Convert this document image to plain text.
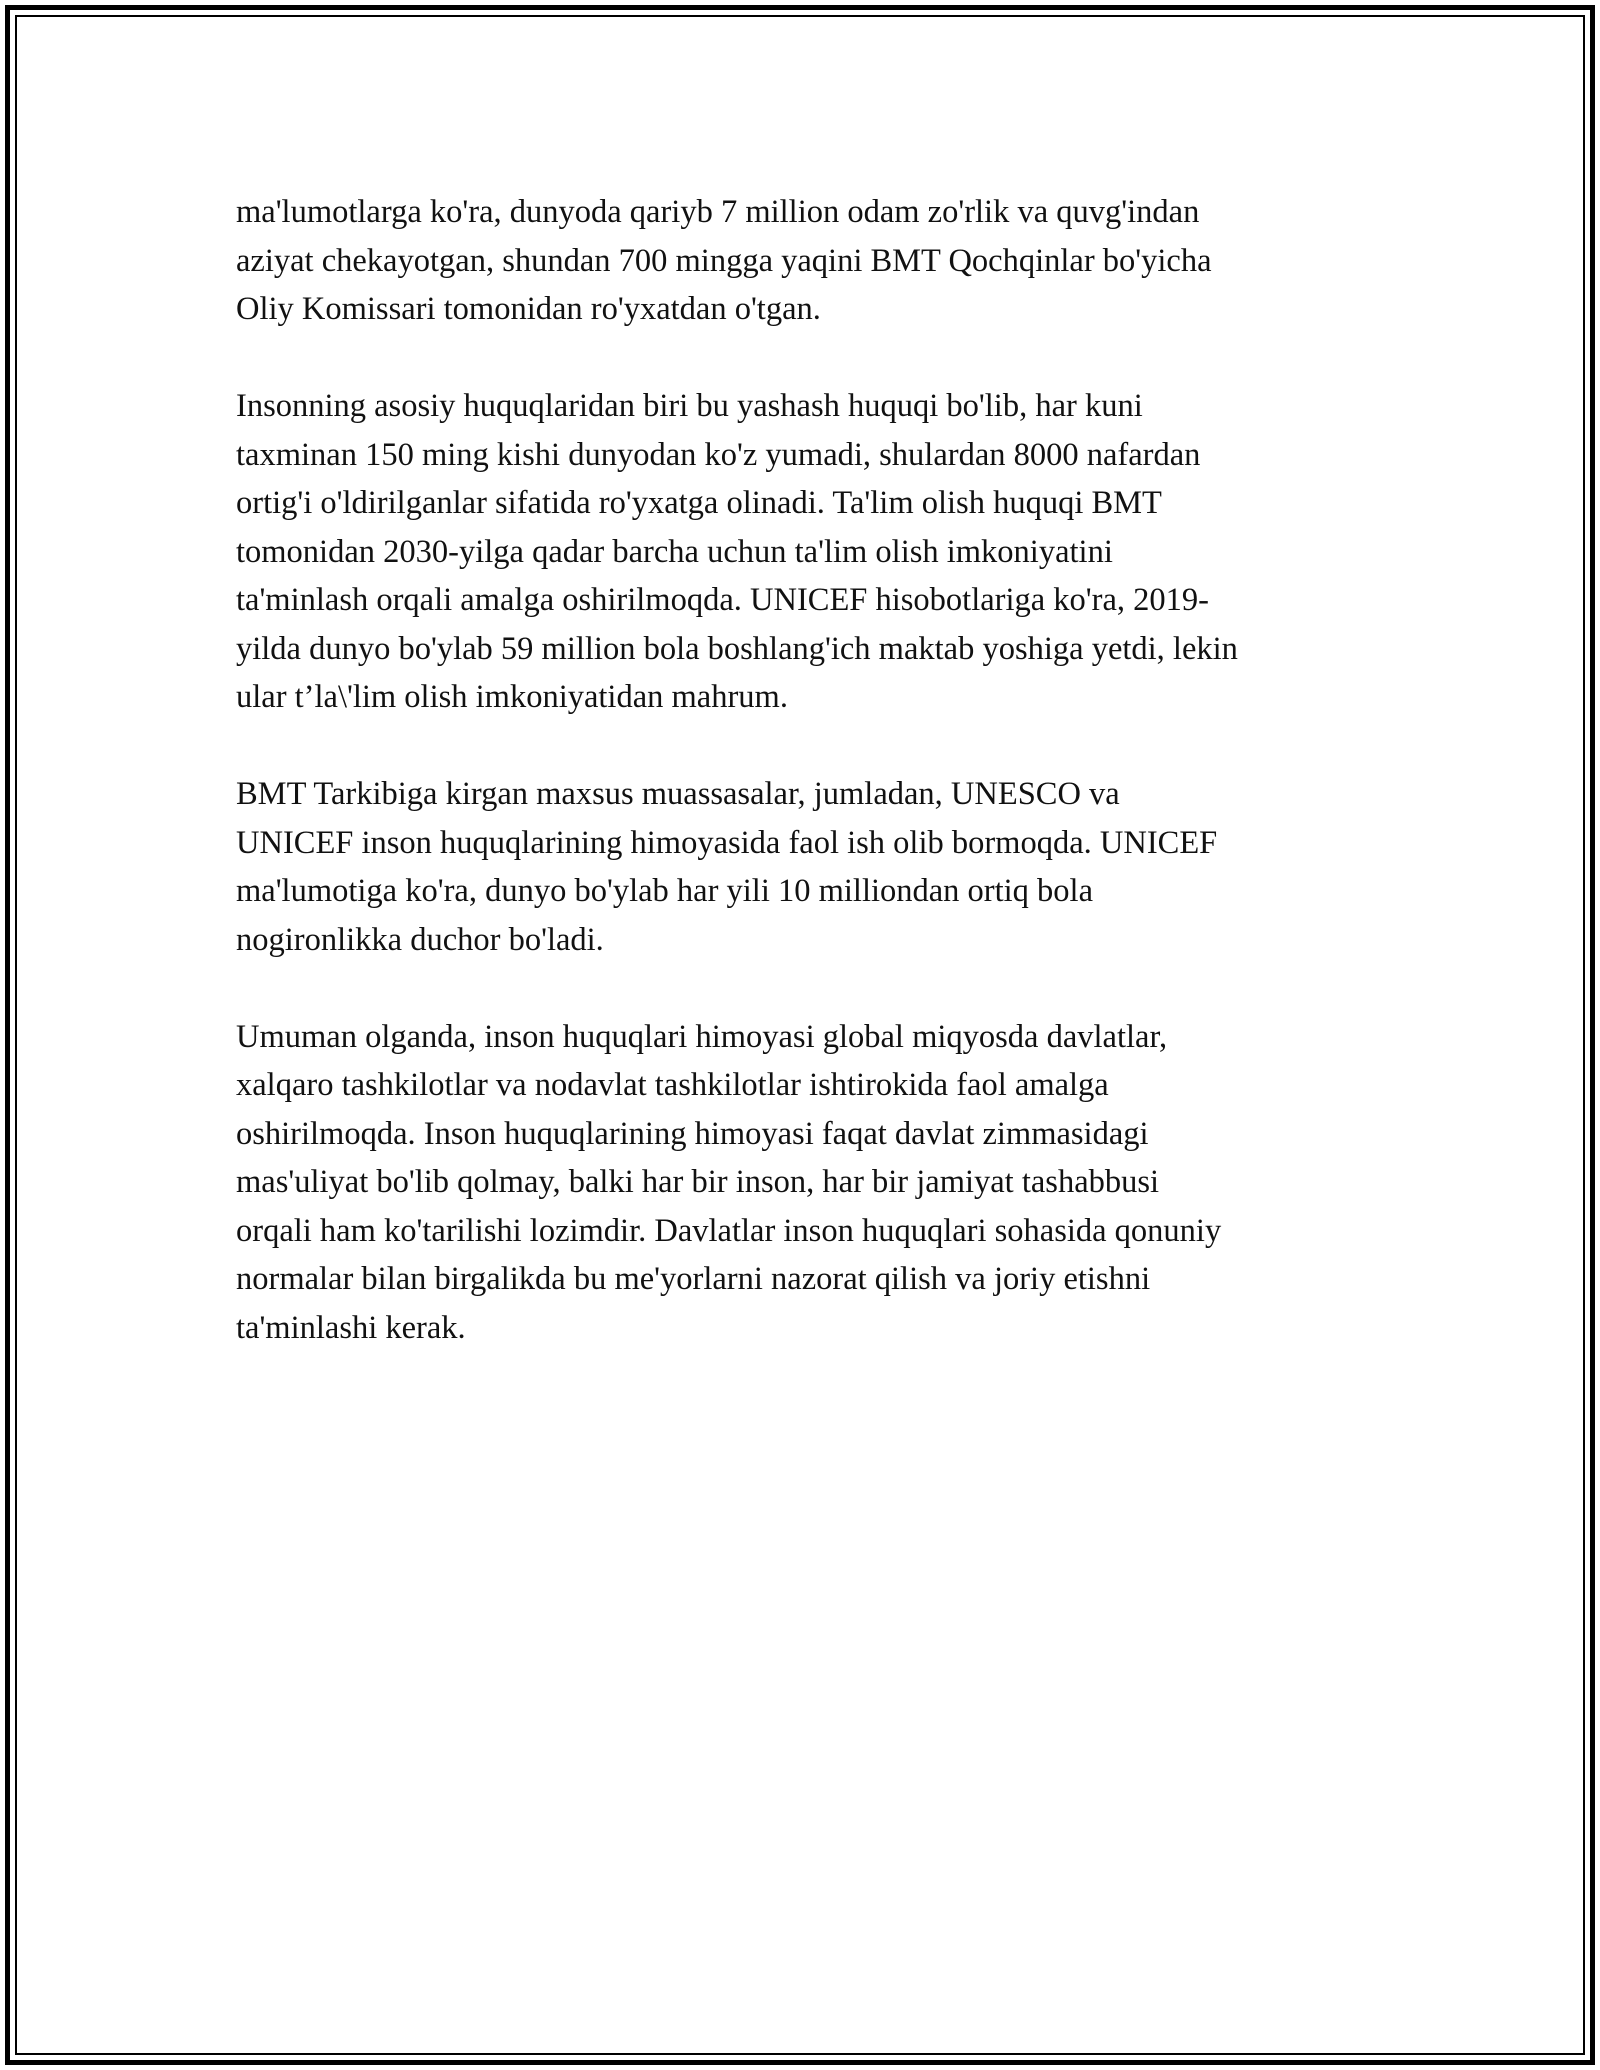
ma'lumotlarga ko'ra, dunyoda qariyb 7 million odam zo'rlik va quvg'indan
aziyat chekayotgan, shundan 700 mingga yaqini BMT Qochqinlar bo'yicha
Oliy Komissari tomonidan ro'yxatdan o'tgan.

Insonning asosiy huquqlaridan biri bu yashash huquqi bo'lib, har kuni
taxminan 150 ming kishi dunyodan ko'z yumadi, shulardan 8000 nafardan
ortig'i o'ldirilganlar sifatida ro'yxatga olinadi. Ta'lim olish huquqi BMT
tomonidan 2030-yilga qadar barcha uchun ta'lim olish imkoniyatini
ta'minlash orqali amalga oshirilmoqda. UNICEF hisobotlariga ko'ra, 2019-
yilda dunyo bo'ylab 59 million bola boshlang'ich maktab yoshiga yetdi, lekin
ular t’la\'lim olish imkoniyatidan mahrum.

BMT Tarkibiga kirgan maxsus muassasalar, jumladan, UNESCO va
UNICEF inson huquqlarining himoyasida faol ish olib bormoqda. UNICEF
ma'lumotiga ko'ra, dunyo bo'ylab har yili 10 milliondan ortiq bola
nogironlikka duchor bo'ladi.

Umuman olganda, inson huquqlari himoyasi global miqyosda davlatlar,
xalqaro tashkilotlar va nodavlat tashkilotlar ishtirokida faol amalga
oshirilmoqda. Inson huquqlarining himoyasi faqat davlat zimmasidagi
mas'uliyat bo'lib qolmay, balki har bir inson, har bir jamiyat tashabbusi
orqali ham ko'tarilishi lozimdir. Davlatlar inson huquqlari sohasida qonuniy
normalar bilan birgalikda bu me'yorlarni nazorat qilish va joriy etishni
ta'minlashi kerak.
